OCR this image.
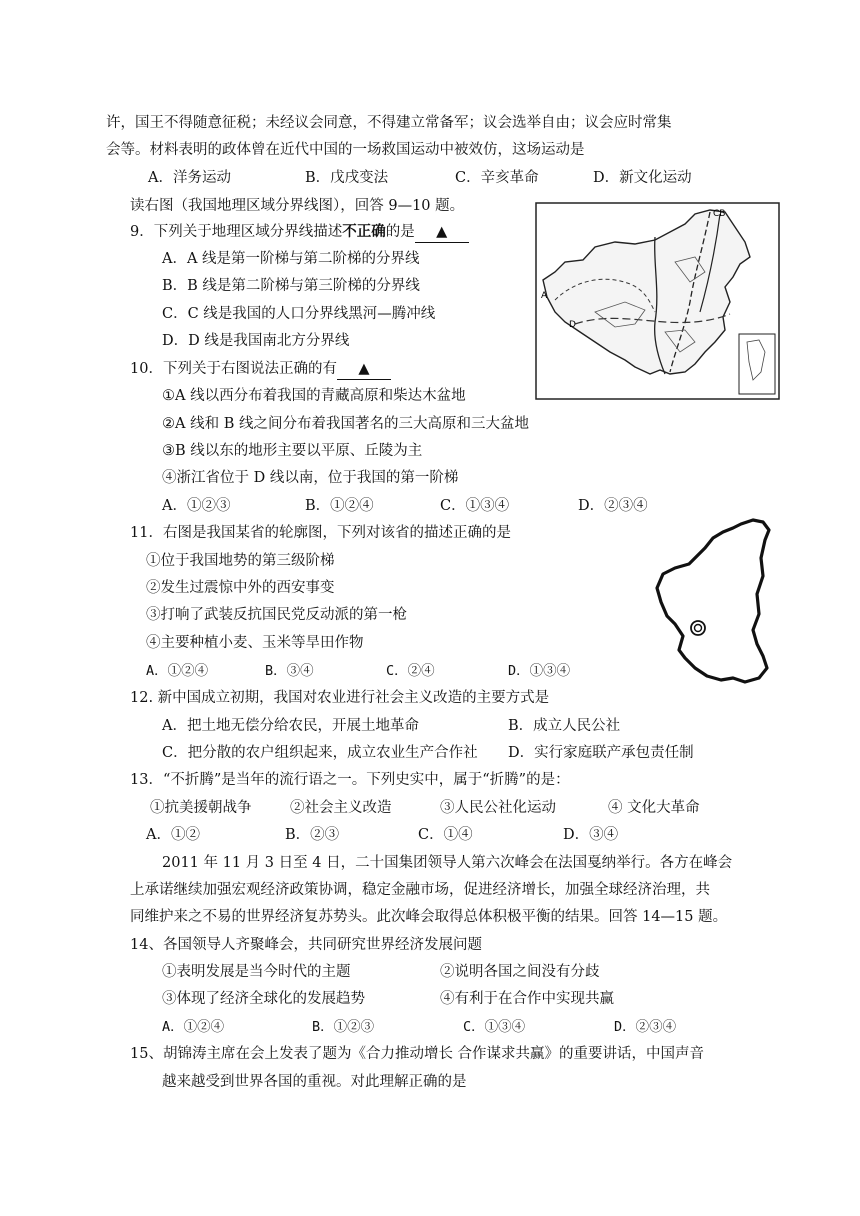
许，国王不得随意征税；未经议会同意，不得建立常备军；议会选举自由；议会应时常集
会等。材料表明的政体曾在近代中国的一场救国运动中被效仿，这场运动是
A．洋务运动	B．戊戌变法	C．辛亥革命	D．新文化运动
读右图（我国地理区域分界线图），回答 9—10 题。
9．下列关于地理区域分界线描述不正确的是 ▲
A．A 线是第一阶梯与第二阶梯的分界线
B．B 线是第二阶梯与第三阶梯的分界线
C．C 线是我国的人口分界线黑河—腾冲线
D．D 线是我国南北方分界线
CB
A
D
10．下列关于右图说法正确的有 ▲
①A 线以西分布着我国的青藏高原和柴达木盆地
②A 线和 B 线之间分布着我国著名的三大高原和三大盆地
③B 线以东的地形主要以平原、丘陵为主
④浙江省位于 D 线以南，位于我国的第一阶梯
A．①②③	B．①②④	C．①③④	D．②③④
11．右图是我国某省的轮廓图，下列对该省的描述正确的是
①位于我国地势的第三级阶梯
②发生过震惊中外的西安事变
③打响了武装反抗国民党反动派的第一枪
④主要种植小麦、玉米等旱田作物
A．①②④	B．③④	C．②④	D．①③④
12. 新中国成立初期，我国对农业进行社会主义改造的主要方式是
A．把土地无偿分给农民，开展土地革命	B．成立人民公社
C．把分散的农户组织起来，成立农业生产合作社 D．实行家庭联产承包责任制
13．“不折腾”是当年的流行语之一。下列史实中，属于“折腾”的是：
①抗美援朝战争	②社会主义改造	③人民公社化运动	④ 文化大革命
A．①②	B．②③	C．①④	D．③④
2011 年 11 月 3 日至 4 日，二十国集团领导人第六次峰会在法国戛纳举行。各方在峰会
上承诺继续加强宏观经济政策协调，稳定金融市场，促进经济增长，加强全球经济治理，共
同维护来之不易的世界经济复苏势头。此次峰会取得总体积极平衡的结果。回答 14—15 题。
14、各国领导人齐聚峰会，共同研究世界经济发展问题
①表明发展是当今时代的主题	②说明各国之间没有分歧
③体现了经济全球化的发展趋势	④有利于在合作中实现共赢
A．①②④	B．①②③	C．①③④	D．②③④
15、胡锦涛主席在会上发表了题为《合力推动增长 合作谋求共赢》的重要讲话，中国声音
越来越受到世界各国的重视。对此理解正确的是
